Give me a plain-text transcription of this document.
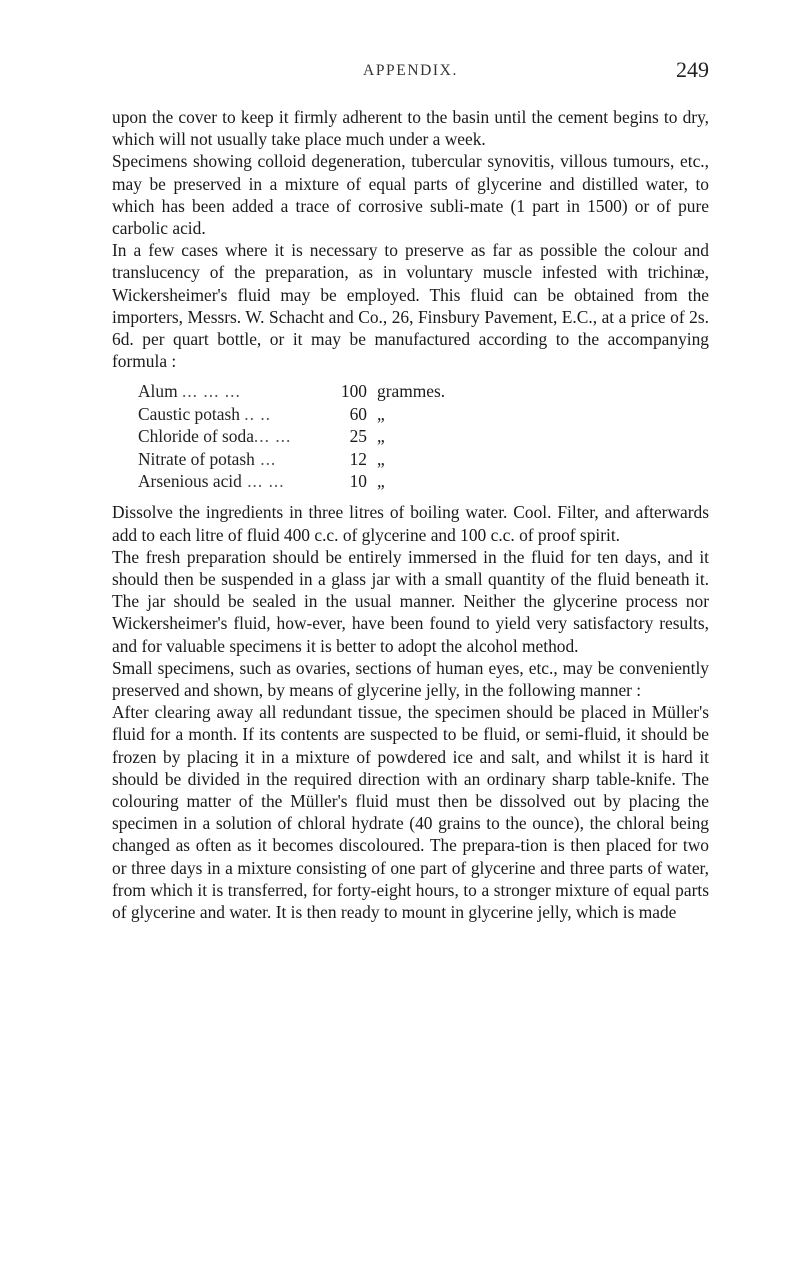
APPENDIX.	249

upon the cover to keep it firmly adherent to the basin until the cement begins to dry, which will not usually take place much under a week.

Specimens showing colloid degeneration, tubercular synovitis, villous tumours, etc., may be preserved in a mixture of equal parts of glycerine and distilled water, to which has been added a trace of corrosive subli-mate (1 part in 1500) or of pure carbolic acid.

In a few cases where it is necessary to preserve as far as possible the colour and translucency of the preparation, as in voluntary muscle infested with trichinæ, Wickersheimer's fluid may be employed. This fluid can be obtained from the importers, Messrs. W. Schacht and Co., 26, Finsbury Pavement, E.C., at a price of 2s. 6d. per quart bottle, or it may be manufactured according to the accompanying formula :

Alum ... ... ...	100 grammes.
Caustic potash .. ..	60 „
Chloride of soda... ...	25 „
Nitrate of potash ...	12 „
Arsenious acid ... ...	10 „

Dissolve the ingredients in three litres of boiling water. Cool. Filter, and afterwards add to each litre of fluid 400 c.c. of glycerine and 100 c.c. of proof spirit.

The fresh preparation should be entirely immersed in the fluid for ten days, and it should then be suspended in a glass jar with a small quantity of the fluid beneath it. The jar should be sealed in the usual manner. Neither the glycerine process nor Wickersheimer's fluid, how-ever, have been found to yield very satisfactory results, and for valuable specimens it is better to adopt the alcohol method.

Small specimens, such as ovaries, sections of human eyes, etc., may be conveniently preserved and shown, by means of glycerine jelly, in the following manner :

After clearing away all redundant tissue, the specimen should be placed in Müller's fluid for a month. If its contents are suspected to be fluid, or semi-fluid, it should be frozen by placing it in a mixture of powdered ice and salt, and whilst it is hard it should be divided in the required direction with an ordinary sharp table-knife. The colouring matter of the Müller's fluid must then be dissolved out by placing the specimen in a solution of chloral hydrate (40 grains to the ounce), the chloral being changed as often as it becomes discoloured. The prepara-tion is then placed for two or three days in a mixture consisting of one part of glycerine and three parts of water, from which it is transferred, for forty-eight hours, to a stronger mixture of equal parts of glycerine and water. It is then ready to mount in glycerine jelly, which is made
